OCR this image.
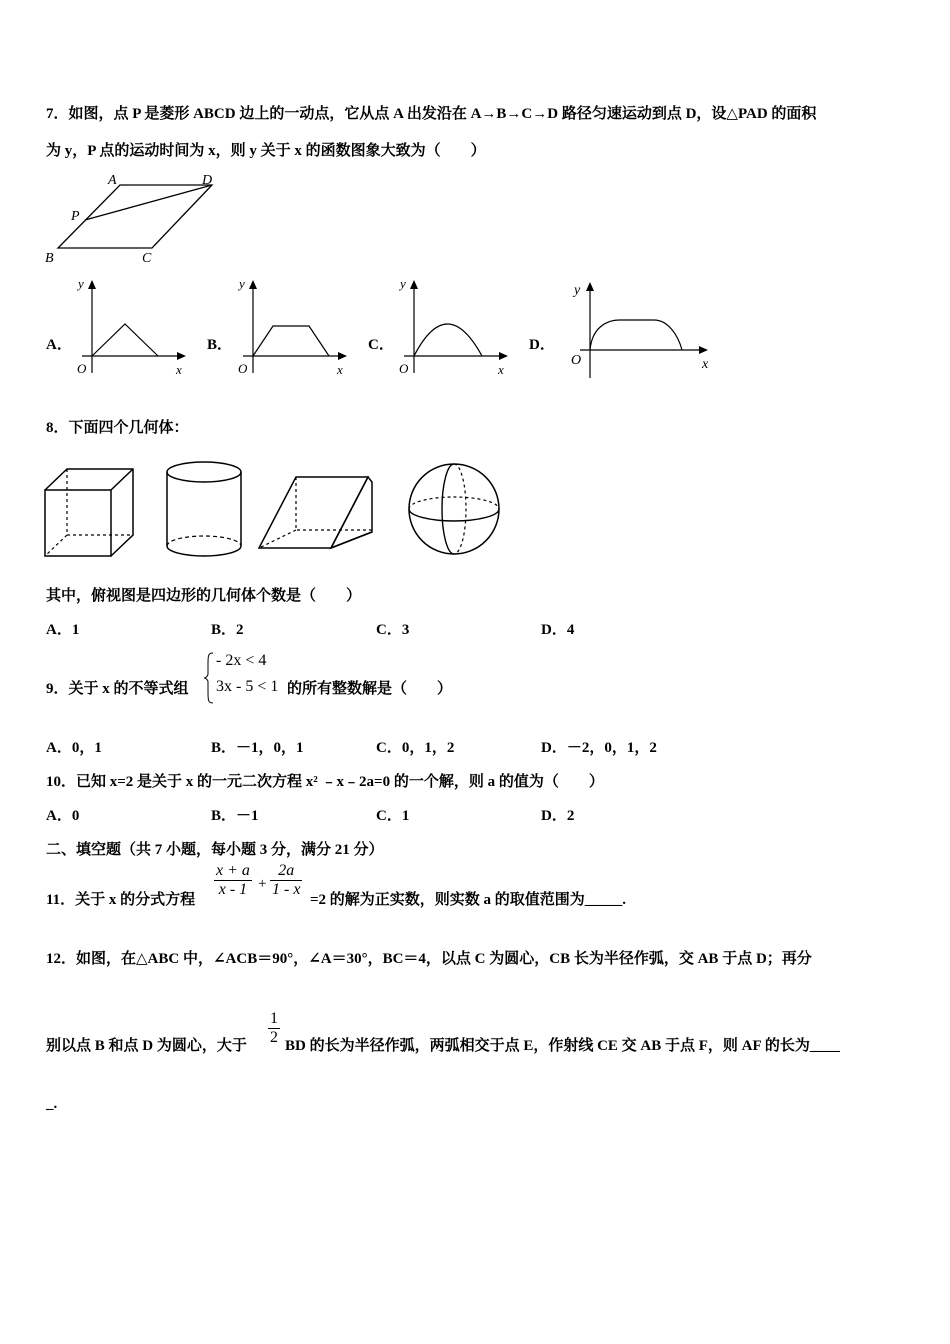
7．如图，点 P 是菱形 ABCD 边上的一动点，它从点 A 出发沿在 A→B→C→D 路径匀速运动到点 D，设△PAD 的面积
为 y，P 点的运动时间为 x，则 y 关于 x 的函数图象大致为（　　）
A	D
P
B	C
A．
y
O	x
B．
y
O	x
C．
y
O	x
D．
y
O	x
8．下面四个几何体：
其中，俯视图是四边形的几何体个数是（　　）
A．1	B．2	C．3	D．4
9．关于 x 的不等式组
- 2x < 4
3x - 5 < 1 的所有整数解是（　　）
A．0，1	B．－1，0，1	C．0，1，2	D．－2，0，1，2
10．已知 x=2 是关于 x 的一元二次方程 x² ﹣x﹣2a=0 的一个解，则 a 的值为（　　）
A．0	B．－1	C．1	D．2
二、填空题（共 7 小题，每小题 3 分，满分 21 分）
11．关于 x 的分式方程
$\frac{x + a}{x - 1} + \frac{2a}{1 - x}$
=2 的解为正实数，则实数 a 的取值范围为_____.
12．如图，在△ABC 中，∠ACB＝90°，∠A＝30°，BC＝4，以点 C 为圆心，CB 长为半径作弧，交 AB 于点 D；再分
别以点 B 和点 D 为圆心，大于 $\frac{1}{2}$ BD 的长为半径作弧，两弧相交于点 E，作射线 CE 交 AB 于点 F，则 AF 的长为____
_.
